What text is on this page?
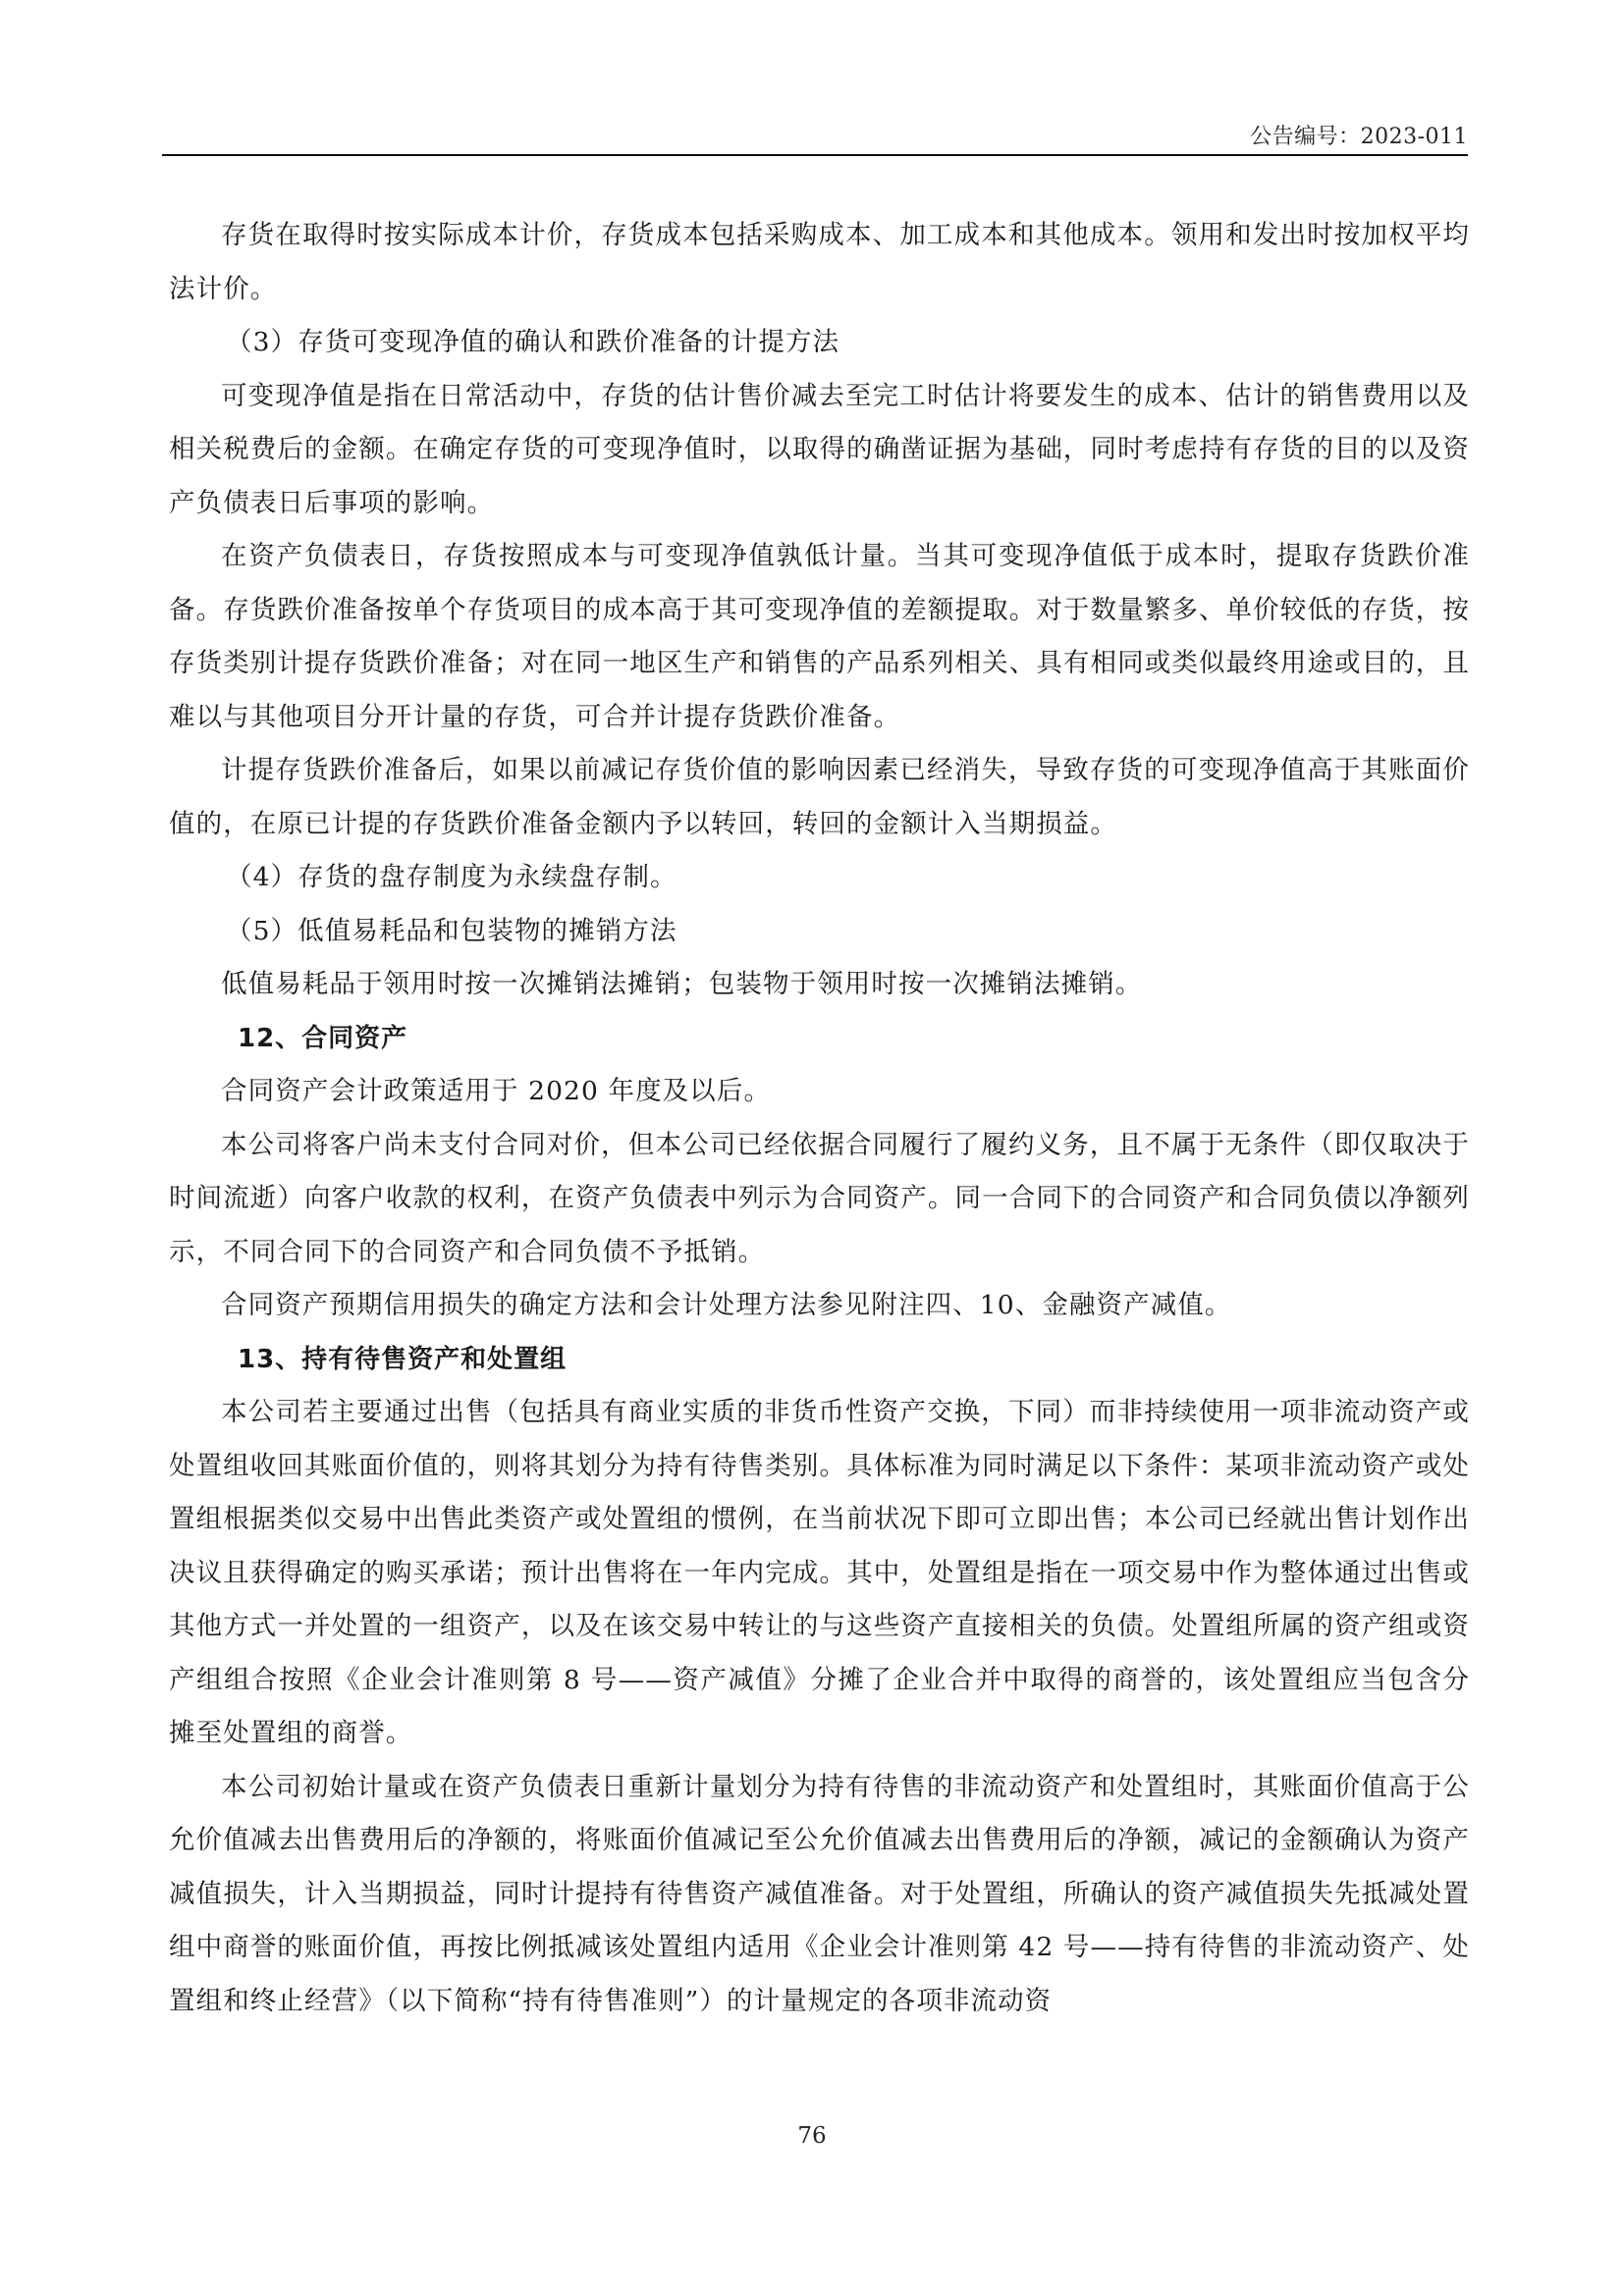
公告编号：2023-011

存货在取得时按实际成本计价，存货成本包括采购成本、加工成本和其他成本。领用和发出时按加权平均法计价。

（3）存货可变现净值的确认和跌价准备的计提方法

可变现净值是指在日常活动中，存货的估计售价减去至完工时估计将要发生的成本、估计的销售费用以及相关税费后的金额。在确定存货的可变现净值时，以取得的确凿证据为基础，同时考虑持有存货的目的以及资产负债表日后事项的影响。

在资产负债表日，存货按照成本与可变现净值孰低计量。当其可变现净值低于成本时，提取存货跌价准备。存货跌价准备按单个存货项目的成本高于其可变现净值的差额提取。对于数量繁多、单价较低的存货，按存货类别计提存货跌价准备；对在同一地区生产和销售的产品系列相关、具有相同或类似最终用途或目的，且难以与其他项目分开计量的存货，可合并计提存货跌价准备。

计提存货跌价准备后，如果以前减记存货价值的影响因素已经消失，导致存货的可变现净值高于其账面价值的，在原已计提的存货跌价准备金额内予以转回，转回的金额计入当期损益。

（4）存货的盘存制度为永续盘存制。

（5）低值易耗品和包装物的摊销方法

低值易耗品于领用时按一次摊销法摊销；包装物于领用时按一次摊销法摊销。

12、合同资产

合同资产会计政策适用于 2020 年度及以后。

本公司将客户尚未支付合同对价，但本公司已经依据合同履行了履约义务，且不属于无条件（即仅取决于时间流逝）向客户收款的权利，在资产负债表中列示为合同资产。同一合同下的合同资产和合同负债以净额列示，不同合同下的合同资产和合同负债不予抵销。

合同资产预期信用损失的确定方法和会计处理方法参见附注四、10、金融资产减值。

13、持有待售资产和处置组

本公司若主要通过出售（包括具有商业实质的非货币性资产交换，下同）而非持续使用一项非流动资产或处置组收回其账面价值的，则将其划分为持有待售类别。具体标准为同时满足以下条件：某项非流动资产或处置组根据类似交易中出售此类资产或处置组的惯例，在当前状况下即可立即出售；本公司已经就出售计划作出决议且获得确定的购买承诺；预计出售将在一年内完成。其中，处置组是指在一项交易中作为整体通过出售或其他方式一并处置的一组资产，以及在该交易中转让的与这些资产直接相关的负债。处置组所属的资产组或资产组组合按照《企业会计准则第 8 号——资产减值》分摊了企业合并中取得的商誉的，该处置组应当包含分摊至处置组的商誉。

本公司初始计量或在资产负债表日重新计量划分为持有待售的非流动资产和处置组时，其账面价值高于公允价值减去出售费用后的净额的，将账面价值减记至公允价值减去出售费用后的净额，减记的金额确认为资产减值损失，计入当期损益，同时计提持有待售资产减值准备。对于处置组，所确认的资产减值损失先抵减处置组中商誉的账面价值，再按比例抵减该处置组内适用《企业会计准则第 42 号——持有待售的非流动资产、处置组和终止经营》（以下简称“持有待售准则”）的计量规定的各项非流动资

76
